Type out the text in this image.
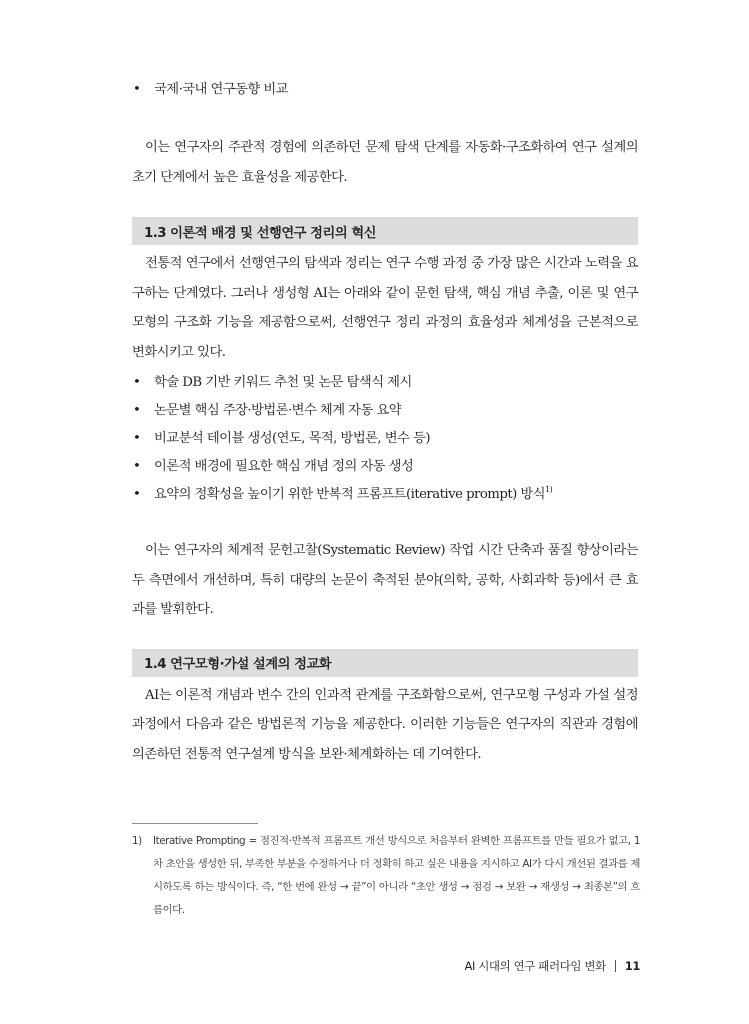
• 국제·국내 연구동향 비교

이는 연구자의 주관적 경험에 의존하던 문제 탐색 단계를 자동화·구조화하여 연구 설계의 초기 단계에서 높은 효율성을 제공한다.

1.3 이론적 배경 및 선행연구 정리의 혁신

전통적 연구에서 선행연구의 탐색과 정리는 연구 수행 과정 중 가장 많은 시간과 노력을 요구하는 단계였다. 그러나 생성형 AI는 아래와 같이 문헌 탐색, 핵심 개념 추출, 이론 및 연구모형의 구조화 기능을 제공함으로써, 선행연구 정리 과정의 효율성과 체계성을 근본적으로 변화시키고 있다.

• 학술 DB 기반 키워드 추천 및 논문 탐색식 제시
• 논문별 핵심 주장·방법론·변수 체계 자동 요약
• 비교분석 테이블 생성(연도, 목적, 방법론, 변수 등)
• 이론적 배경에 필요한 핵심 개념 정의 자동 생성
• 요약의 정확성을 높이기 위한 반복적 프롬프트(iterative prompt) 방식$^{1)}$

이는 연구자의 체계적 문헌고찰(Systematic Review) 작업 시간 단축과 품질 향상이라는 두 측면에서 개선하며, 특히 대량의 논문이 축적된 분야(의학, 공학, 사회과학 등)에서 큰 효과를 발휘한다.

1.4 연구모형·가설 설계의 정교화

AI는 이론적 개념과 변수 간의 인과적 관계를 구조화함으로써, 연구모형 구성과 가설 설정 과정에서 다음과 같은 방법론적 기능을 제공한다. 이러한 기능들은 연구자의 직관과 경험에 의존하던 전통적 연구설계 방식을 보완·체계화하는 데 기여한다.

1) Iterative Prompting = 점진적·반복적 프롬프트 개선 방식으로 처음부터 완벽한 프롬프트를 만들 필요가 없고, 1차 초안을 생성한 뒤, 부족한 부분을 수정하거나 더 정확히 하고 싶은 내용을 지시하고 AI가 다시 개선된 결과를 제시하도록 하는 방식이다. 즉, “한 번에 완성 → 끝”이 아니라 “초안 생성 → 점검 → 보완 → 재생성 → 최종본”의 흐름이다.
AI 시대의 연구 패러다임 변화 11
